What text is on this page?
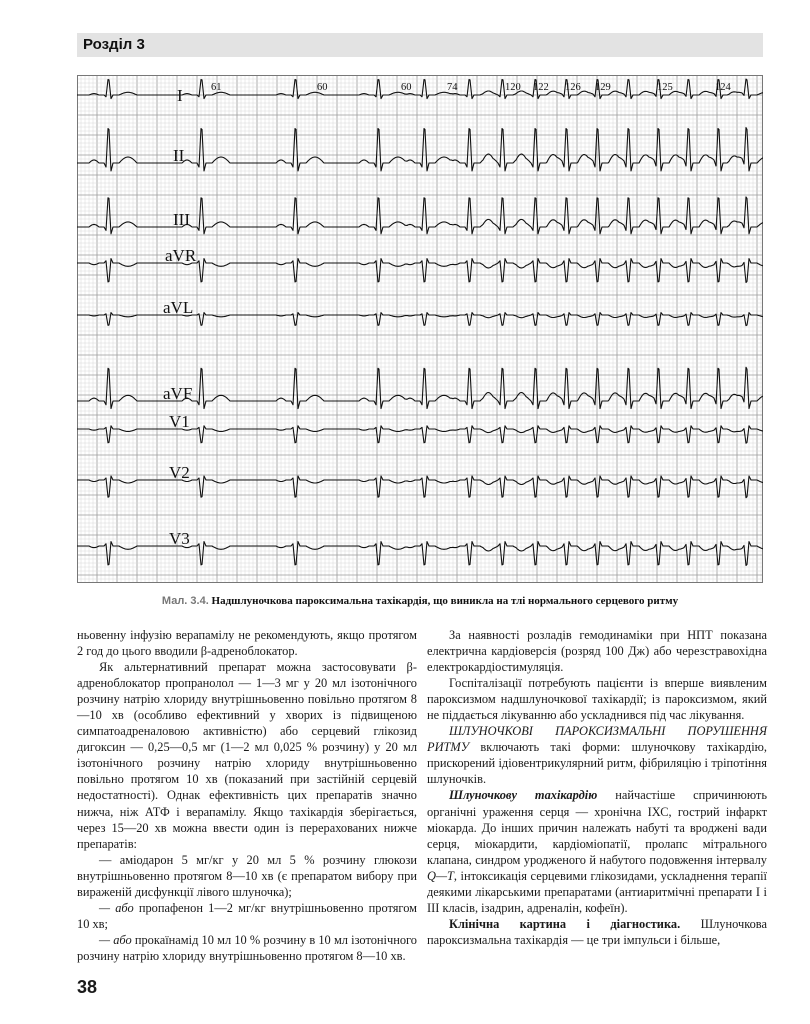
Розділ 3
I
II
III
aVR
aVL
aVF
V1
V2
V3
61	60	60	74	120 122 126 129	125	124
Мал. 3.4. Надшлуночкова пароксимальна тахікардія, що виникла на тлі нормального серцевого ритму

ньовенну інфузію верапамілу не рекомендують, якщо протягом 2 год до цього вводили β-адреноблокатор.

Як альтернативний препарат можна застосовувати β-адреноблокатор пропранолол — 1—3 мг у 20 мл ізотонічного розчину натрію хлориду внутрішньовенно повільно протягом 8—10 хв (особливо ефективний у хворих із підвищеною симпатоадреналовою активністю) або серцевий глікозид дигоксин — 0,25—0,5 мг (1—2 мл 0,025 % розчину) у 20 мл ізотонічного розчину натрію хлориду внутрішньовенно повільно протягом 10 хв (показаний при застійній серцевій недостатності). Однак ефективність цих препаратів значно нижча, ніж АТФ і верапамілу. Якщо тахікардія зберігається, через 15—20 хв можна ввести один із перерахованих нижче препаратів:

— аміодарон 5 мг/кг у 20 мл 5 % розчину глюкози внутрішньовенно протягом 8—10 хв (є препаратом вибору при вираженій дисфункції лівого шлуночка);

— або пропафенон 1—2 мг/кг внутрішньовенно протягом 10 хв;

— або прокаїнамід 10 мл 10 % розчину в 10 мл ізотонічного розчину натрію хлориду внутрішньовенно протягом 8—10 хв.

За наявності розладів гемодинаміки при НПТ показана електрична кардіоверсія (розряд 100 Дж) або черезстравохідна електрокардіостимуляція.

Госпіталізації потребують пацієнти із вперше виявленим пароксизмом надшлуночкової тахікардії; із пароксизмом, який не піддається лікуванню або ускладнився під час лікування.

ШЛУНОЧКОВІ ПАРОКСИЗМАЛЬНІ ПОРУШЕННЯ РИТМУ включають такі форми: шлуночкову тахікардію, прискорений ідіовентрикулярний ритм, фібриляцію і тріпотіння шлуночків.

Шлуночкову тахікардію найчастіше спричинюють органічні ураження серця — хронічна ІХС, гострий інфаркт міокарда. До інших причин належать набуті та вроджені вади серця, міокардити, кардіоміопатії, пролапс мітрального клапана, синдром уродженого й набутого подовження інтервалу Q—T, інтоксикація серцевими глікозидами, ускладнення терапії деякими лікарськими препаратами (антиаритмічні препарати І і ІІІ класів, ізадрин, адреналін, кофеїн).

Клінічна картина і діагностика. Шлуночкова пароксизмальна тахікардія — це три імпульси і більше,

38
